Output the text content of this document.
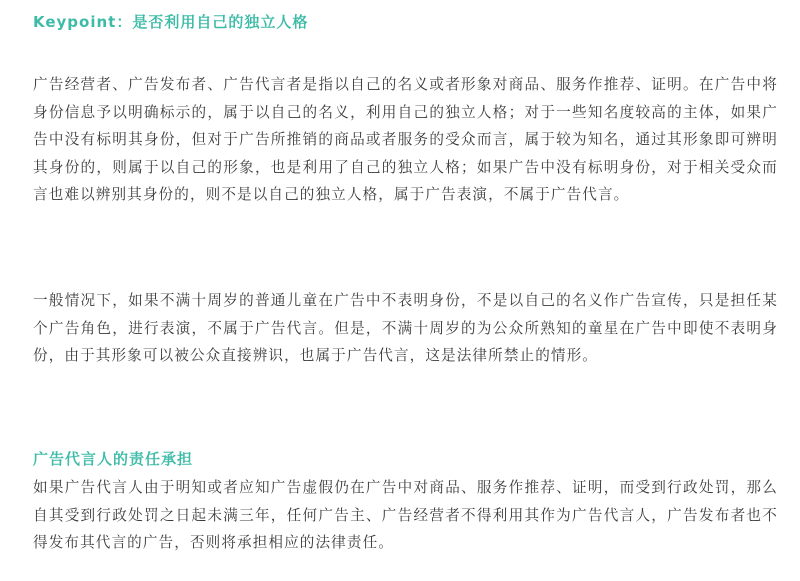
Keypoint：是否利用自己的独立人格

广告经营者、广告发布者、广告代言者是指以自己的名义或者形象对商品、服务作推荐、证明。在广告中将身份信息予以明确标示的，属于以自己的名义，利用自己的独立人格；对于一些知名度较高的主体，如果广告中没有标明其身份，但对于广告所推销的商品或者服务的受众而言，属于较为知名，通过其形象即可辨明其身份的，则属于以自己的形象，也是利用了自己的独立人格；如果广告中没有标明身份，对于相关受众而言也难以辨别其身份的，则不是以自己的独立人格，属于广告表演，不属于广告代言。

一般情况下，如果不满十周岁的普通儿童在广告中不表明身份，不是以自己的名义作广告宣传，只是担任某个广告角色，进行表演，不属于广告代言。但是，不满十周岁的为公众所熟知的童星在广告中即使不表明身份，由于其形象可以被公众直接辨识，也属于广告代言，这是法律所禁止的情形。

广告代言人的责任承担

如果广告代言人由于明知或者应知广告虚假仍在广告中对商品、服务作推荐、证明，而受到行政处罚，那么自其受到行政处罚之日起未满三年，任何广告主、广告经营者不得利用其作为广告代言人，广告发布者也不得发布其代言的广告，否则将承担相应的法律责任。
